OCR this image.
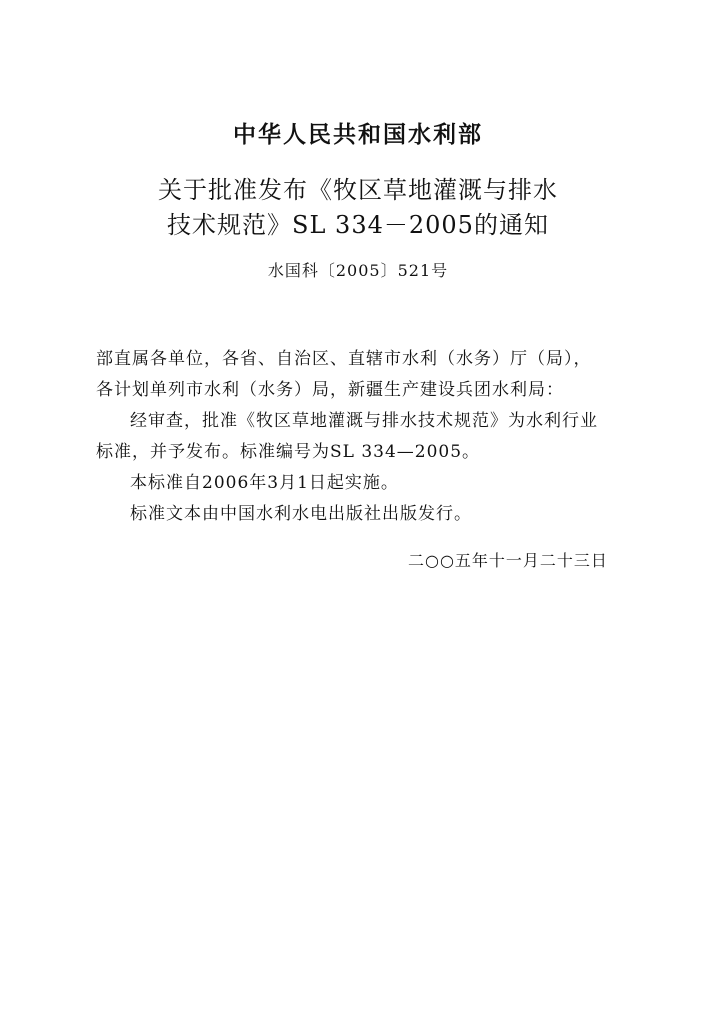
中华人民共和国水利部
关于批准发布《牧区草地灌溉与排水
技术规范》SL 334－2005的通知
水国科〔2005〕521号
部直属各单位，各省、自治区、直辖市水利（水务）厅（局），
各计划单列市水利（水务）局，新疆生产建设兵团水利局：
经审查，批准《牧区草地灌溉与排水技术规范》为水利行业
标准，并予发布。标准编号为SL 334—2005。
本标准自2006年3月1日起实施。
标准文本由中国水利水电出版社出版发行。
二○○五年十一月二十三日
